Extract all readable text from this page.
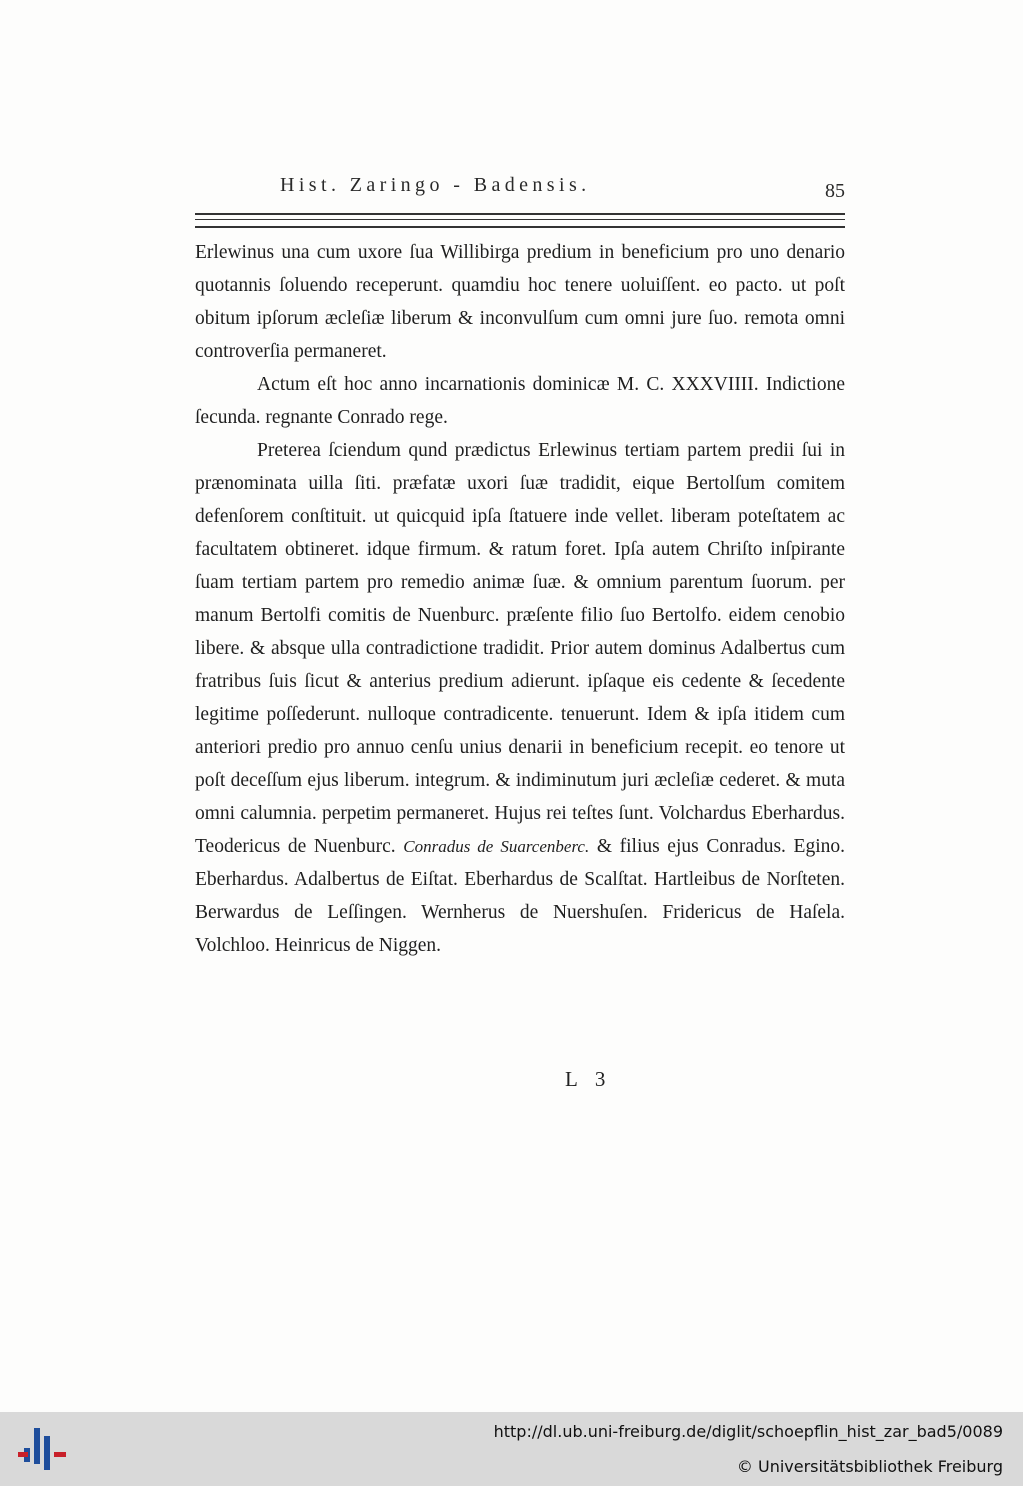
Hist. Zaringo - Badensis.	85

Erlewinus una cum uxore ſua Willibirga predium in beneficium pro uno denario quotannis ſoluendo receperunt. quamdiu hoc tenere uoluiſſent. eo pacto. ut poſt obitum ipſorum æcleſiæ liberum & inconvulſum cum omni jure ſuo. remota omni controverſia permaneret.

Actum eſt hoc anno incarnationis dominicæ M. C. XXXVIIII. Indictione ſecunda. regnante Conrado rege.

Preterea ſciendum qund prædictus Erlewinus tertiam partem predii ſui in prænominata uilla ſiti. præfatæ uxori ſuæ tradidit, eique Bertolſum comitem defenſorem conſtituit. ut quicquid ipſa ſtatuere inde vellet. liberam poteſtatem ac facultatem obtineret. idque firmum. & ratum foret. Ipſa autem Chriſto inſpirante ſuam tertiam partem pro remedio animæ ſuæ. & omnium parentum ſuorum. per manum Bertolfi comitis de Nuenburc. præſente filio ſuo Bertolfo. eidem cenobio libere. & absque ulla contradictione tradidit. Prior autem dominus Adalbertus cum fratribus ſuis ſicut & anterius predium adierunt. ipſaque eis cedente & ſecedente legitime poſſederunt. nulloque contradicente. tenuerunt. Idem & ipſa itidem cum anteriori predio pro annuo cenſu unius denarii in beneficium recepit. eo tenore ut poſt deceſſum ejus liberum. integrum. & indiminutum juri æcleſiæ cederet. & muta omni calumnia. perpetim permaneret. Hujus rei teſtes ſunt. Volchardus Eberhardus. Teodericus de Nuenburc. Conradus de Suarcenberc. & filius ejus Conradus. Egino. Eberhardus. Adalbertus de Eiſtat. Eberhardus de Scalſtat. Hartleibus de Norſteten. Berwardus de Leſſingen. Wernherus de Nuershuſen. Fridericus de Haſela. Volchloo. Heinricus de Niggen.

L 3
http://dl.ub.uni-freiburg.de/diglit/schoepflin_hist_zar_bad5/0089
© Universitätsbibliothek Freiburg
